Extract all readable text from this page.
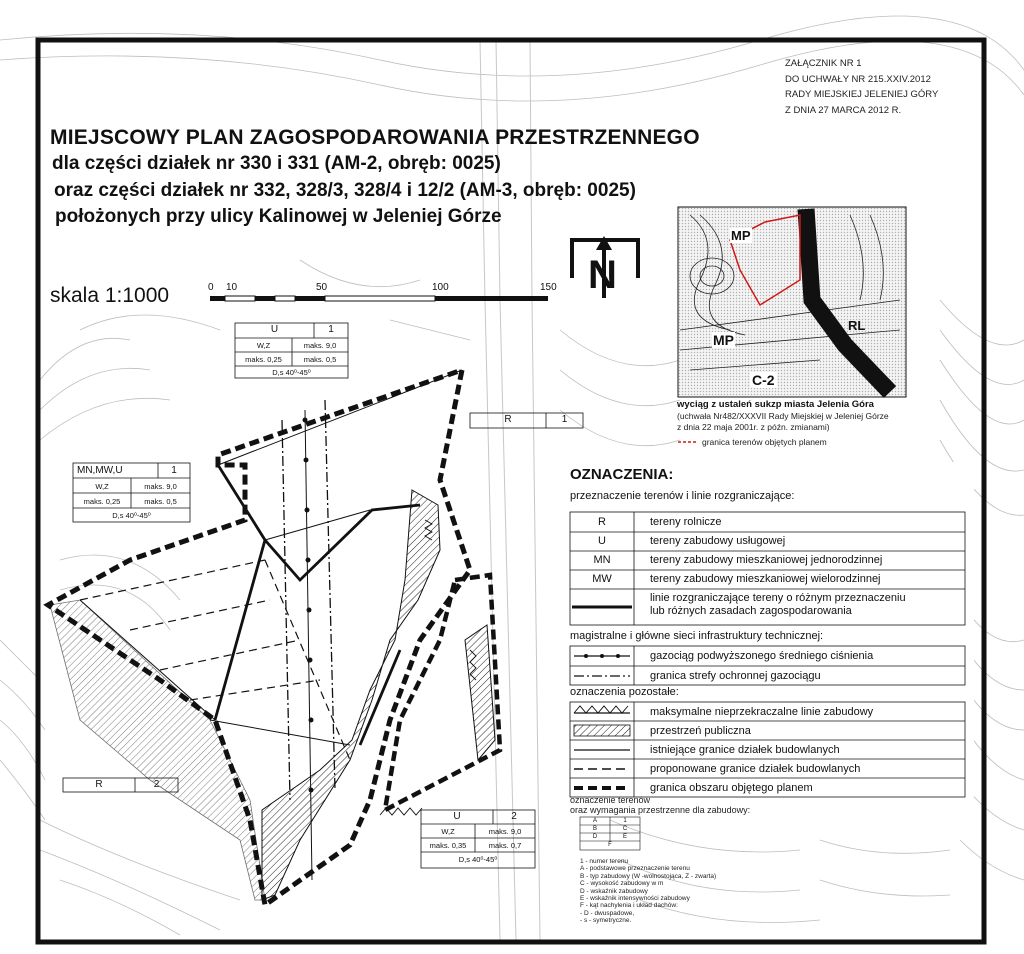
ZAŁĄCZNIK NR 1
DO UCHWAŁY NR 215.XXIV.2012
RADY MIEJSKIEJ JELENIEJ GÓRY
Z DNIA 27 MARCA 2012 R.
MIEJSCOWY PLAN ZAGOSPODAROWANIA PRZESTRZENNEGO
dla części działek nr 330 i 331 (AM-2, obręb: 0025)
oraz części działek nr 332, 328/3, 328/4 i 12/2 (AM-3, obręb: 0025)
położonych przy ulicy Kalinowej w Jeleniej Górze
skala 1:1000	0 10	50	100	150 N
MP
RL
MP
C-2
wyciąg z ustaleń sukzp miasta Jelenia Góra
(uchwała Nr482/XXXVII Rady Miejskiej w Jeleniej Górze
z dnia 22 maja 2001r. z późn. zmianami)
granica terenów objętych planem
OZNACZENIA:
przeznaczenie terenów i linie rozgraniczające:
R	tereny rolnicze
U	tereny zabudowy usługowej
MN	tereny zabudowy mieszkaniowej jednorodzinnej
MW	tereny zabudowy mieszkaniowej wielorodzinnej
linie rozgraniczające tereny o różnym przeznaczeniu
lub różnych zasadach zagospodarowania
magistralne i główne sieci infrastruktury technicznej:
gazociąg podwyższonego średniego ciśnienia
granica strefy ochronnej gazociągu
oznaczenia pozostałe:
maksymalne nieprzekraczalne linie zabudowy
przestrzeń publiczna
istniejące granice działek budowlanych
proponowane granice działek budowlanych
granica obszaru objętego planem
oznaczenie terenów
oraz wymagania przestrzenne dla zabudowy:
A	1
B	C
D	E
F
1 - numer terenu
A - podstawowe przeznaczenie terenu
B - typ zabudowy (W -wolnostojąca, Z - zwarta)
C - wysokość zabudowy w m
D - wskaźnik zabudowy
E - wskaźnik intensywności zabudowy
F - kąt nachylenia i układ dachów:
- D - dwuspadowe,
- s - symetryczne.
U	1
W,Z	maks. 9,0
maks. 0,25	maks. 0,5
D,s 40⁰-45⁰
MN,MW,U	1
W,Z	maks. 9,0
maks. 0,25	maks. 0,5
D,s 40⁰-45⁰
U	2
W,Z	maks. 9,0
maks. 0,35	maks. 0,7
D,s 40⁰-45⁰
R	1
R	2
